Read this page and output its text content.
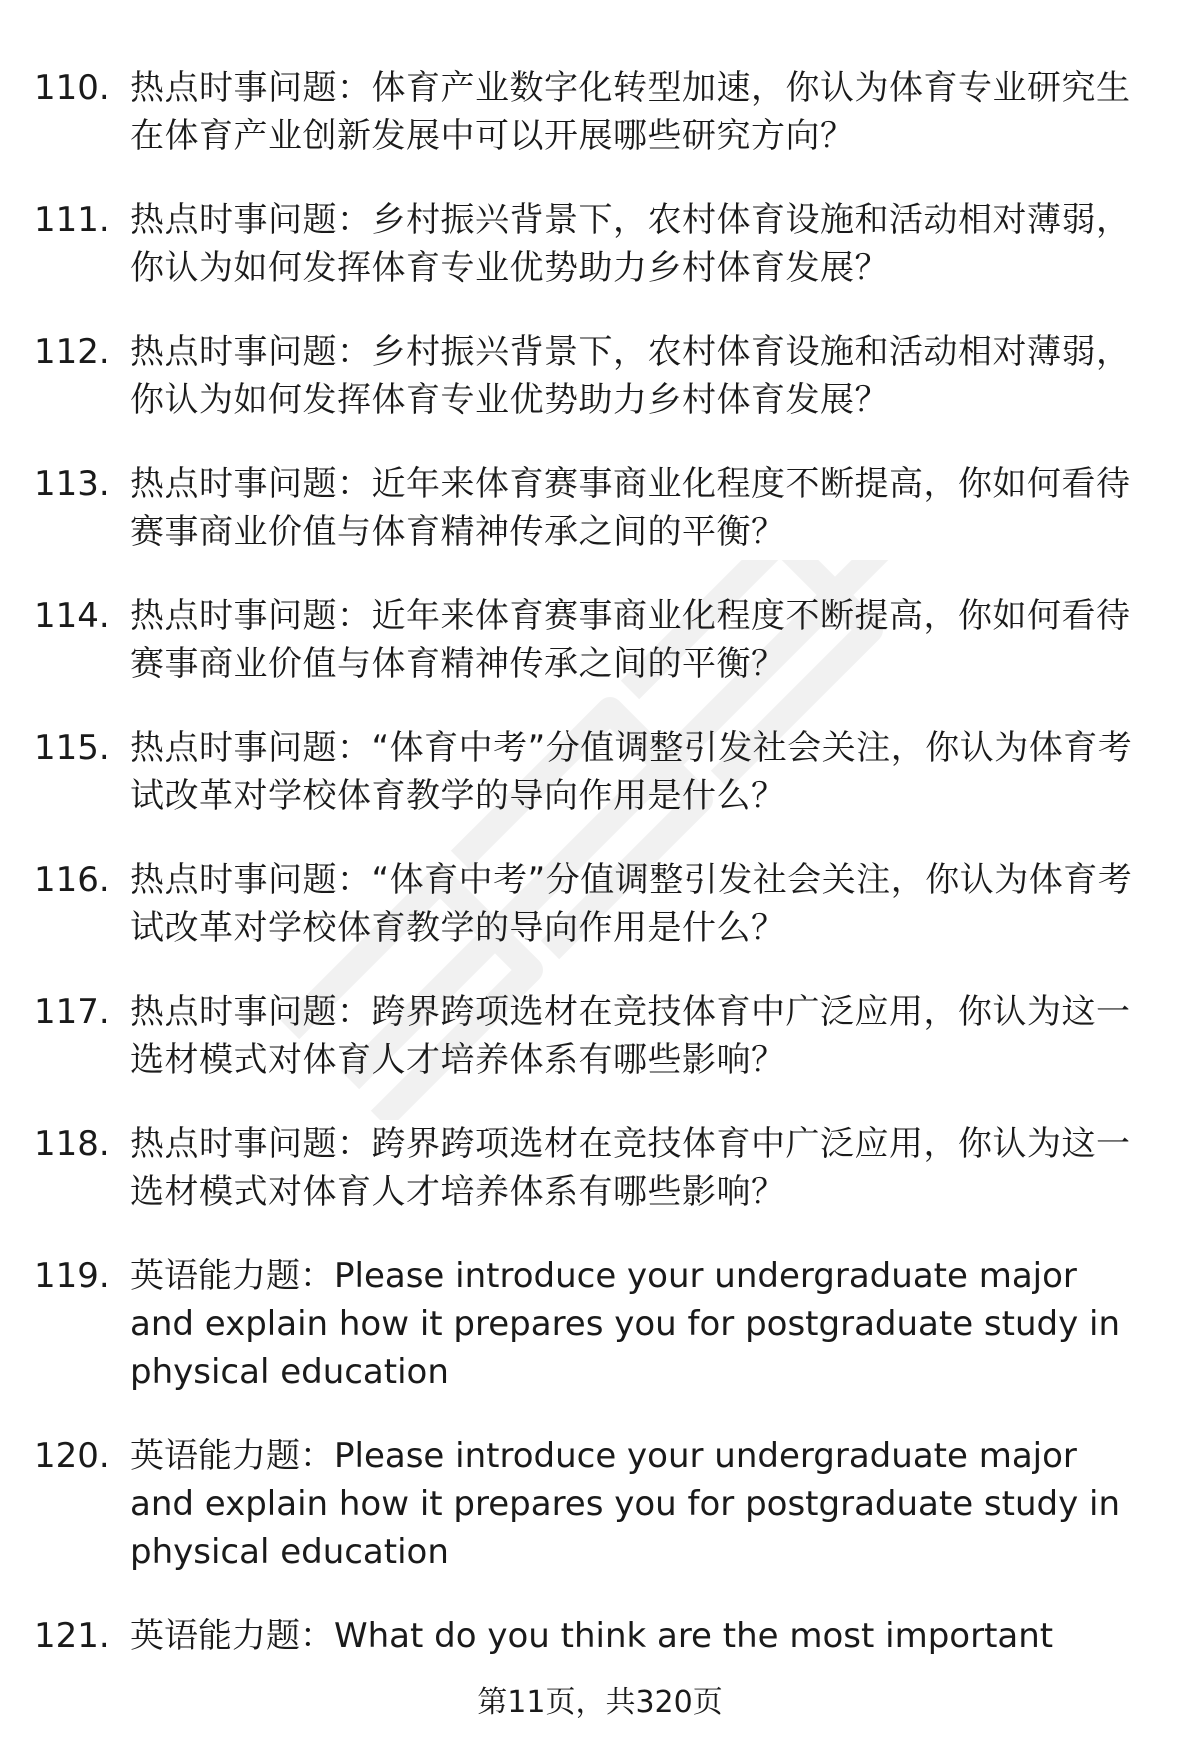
110. 热点时事问题：体育产业数字化转型加速，你认为体育专业研究生在体育产业创新发展中可以开展哪些研究方向？
111. 热点时事问题：乡村振兴背景下，农村体育设施和活动相对薄弱，你认为如何发挥体育专业优势助力乡村体育发展？
112. 热点时事问题：乡村振兴背景下，农村体育设施和活动相对薄弱，你认为如何发挥体育专业优势助力乡村体育发展？
113. 热点时事问题：近年来体育赛事商业化程度不断提高，你如何看待赛事商业价值与体育精神传承之间的平衡？
114. 热点时事问题：近年来体育赛事商业化程度不断提高，你如何看待赛事商业价值与体育精神传承之间的平衡？
115. 热点时事问题：“体育中考”分值调整引发社会关注，你认为体育考试改革对学校体育教学的导向作用是什么？
116. 热点时事问题：“体育中考”分值调整引发社会关注，你认为体育考试改革对学校体育教学的导向作用是什么？
117. 热点时事问题：跨界跨项选材在竞技体育中广泛应用，你认为这一选材模式对体育人才培养体系有哪些影响？
118. 热点时事问题：跨界跨项选材在竞技体育中广泛应用，你认为这一选材模式对体育人才培养体系有哪些影响？
119. 英语能力题：Please introduce your undergraduate major and explain how it prepares you for postgraduate study in physical education
120. 英语能力题：Please introduce your undergraduate major and explain how it prepares you for postgraduate study in physical education
121. 英语能力题：What do you think are the most important
第11页，共320页
